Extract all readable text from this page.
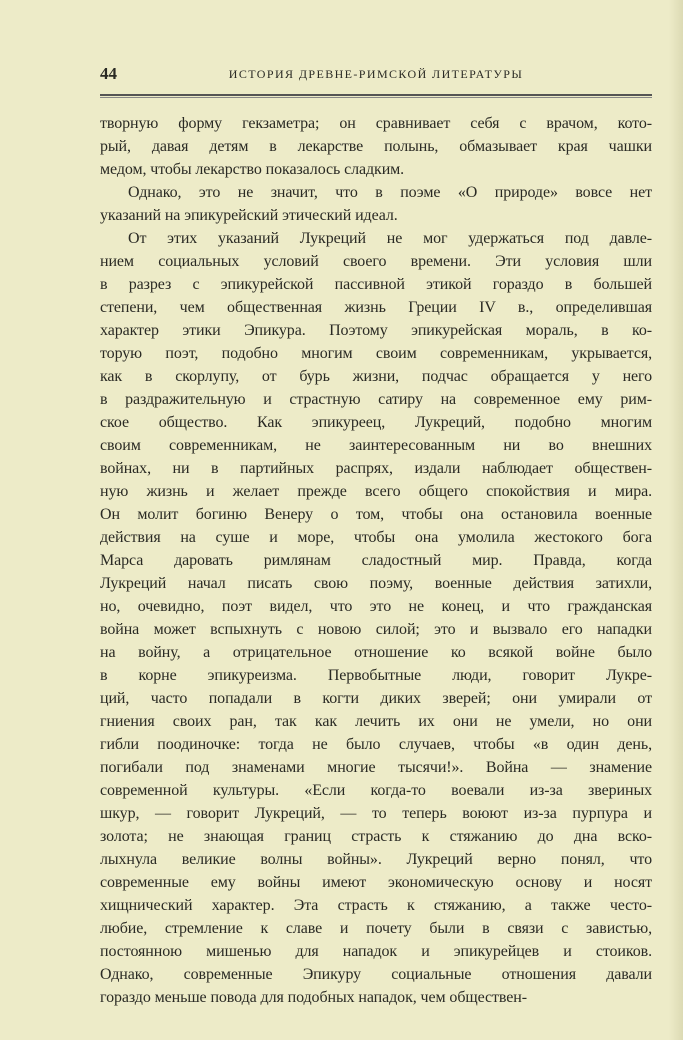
44	ИСТОРИЯ ДРЕВНЕ-РИМСКОЙ ЛИТЕРАТУРЫ
творную форму гекзаметра; он сравнивает себя с врачом, кото-
рый, давая детям в лекарстве полынь, обмазывает края чашки
медом, чтобы лекарство показалось сладким.
Однако, это не значит, что в поэме «О природе» вовсе нет
указаний на эпикурейский этический идеал.
От этих указаний Лукреций не мог удержаться под давле-
нием социальных условий своего времени. Эти условия шли
в разрез с эпикурейской пассивной этикой гораздо в большей
степени, чем общественная жизнь Греции IV в., определившая
характер этики Эпикура. Поэтому эпикурейская мораль, в ко-
торую поэт, подобно многим своим современникам, укрывается,
как в скорлупу, от бурь жизни, подчас обращается у него
в раздражительную и страстную сатиру на современное ему рим-
ское общество. Как эпикуреец, Лукреций, подобно многим
своим современникам, не заинтересованным ни во внешних
войнах, ни в партийных распрях, издали наблюдает обществен-
ную жизнь и желает прежде всего общего спокойствия и мира.
Он молит богиню Венеру о том, чтобы она остановила военные
действия на суше и море, чтобы она умолила жестокого бога
Марса даровать римлянам сладостный мир. Правда, когда
Лукреций начал писать свою поэму, военные действия затихли,
но, очевидно, поэт видел, что это не конец, и что гражданская
война может вспыхнуть с новою силой; это и вызвало его нападки
на войну, а отрицательное отношение ко всякой войне было
в корне эпикуреизма. Первобытные люди, говорит Лукре-
ций, часто попадали в когти диких зверей; они умирали от
гниения своих ран, так как лечить их они не умели, но они
гибли поодиночке: тогда не было случаев, чтобы «в один день,
погибали под знаменами многие тысячи!». Война — знамение
современной культуры. «Если когда-то воевали из-за звериных
шкур, — говорит Лукреций, — то теперь воюют из-за пурпура и
золота; не знающая границ страсть к стяжанию до дна вско-
лыхнула великие волны войны». Лукреций верно понял, что
современные ему войны имеют экономическую основу и носят
хищнический характер. Эта страсть к стяжанию, а также често-
любие, стремление к славе и почету были в связи с завистью,
постоянною мишенью для нападок и эпикурейцев и стоиков.
Однако, современные Эпикуру социальные отношения давали
гораздо меньше повода для подобных нападок, чем обществен-
